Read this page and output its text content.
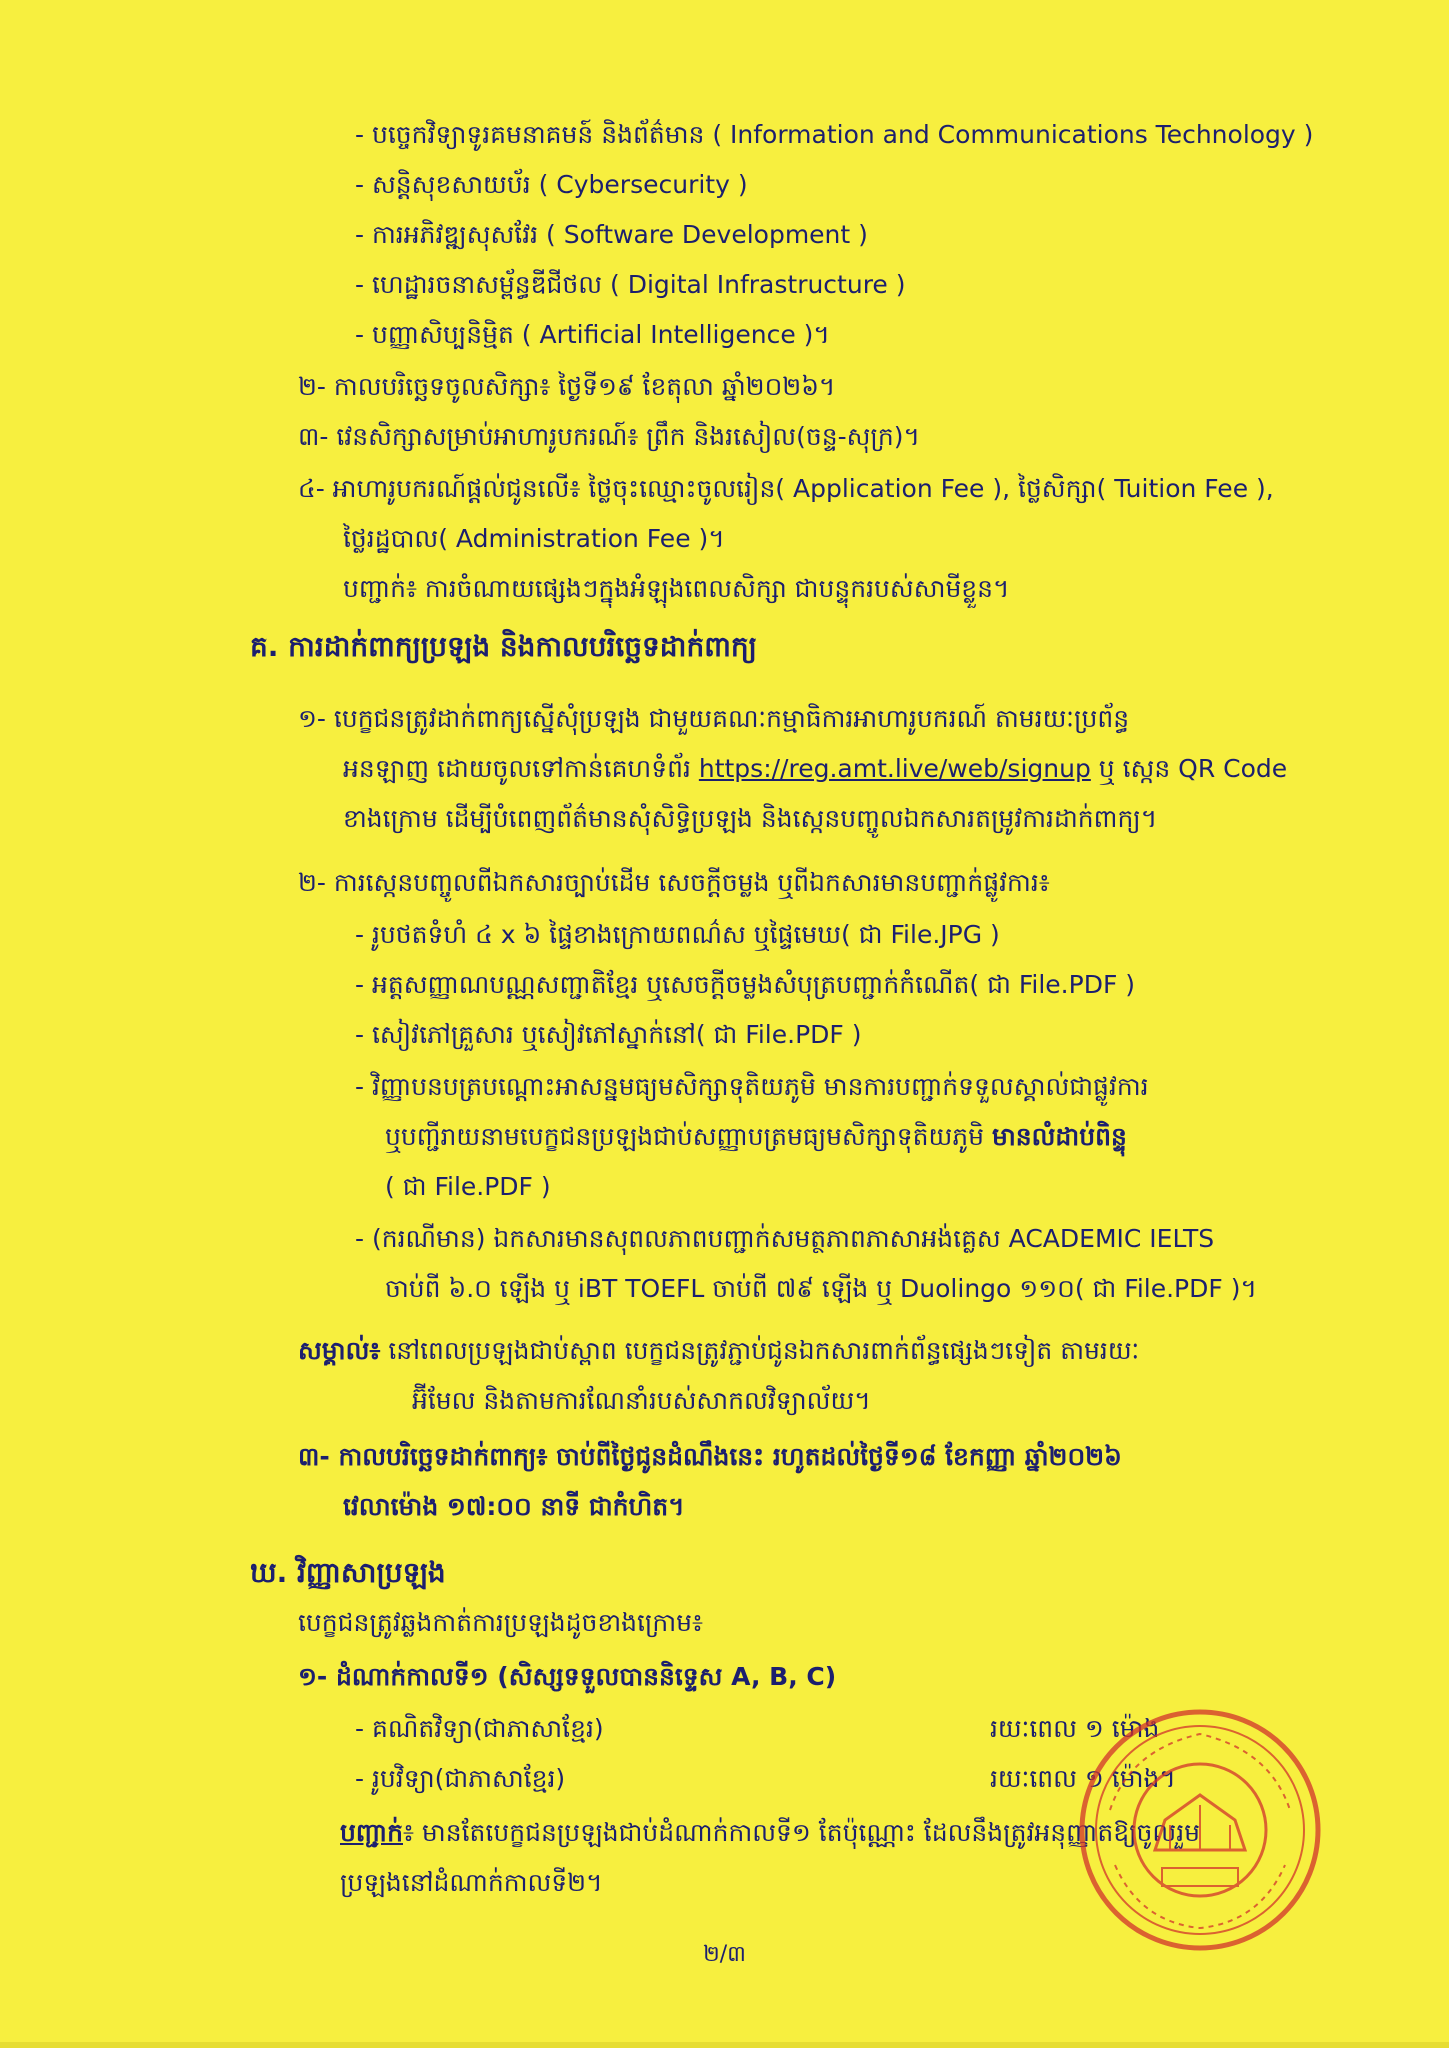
- បច្ចេកវិទ្យាទូរគមនាគមន៍ និងព័ត៌មាន ( Information and Communications Technology )
- សន្តិសុខសាយប័រ ( Cybersecurity )
- ការអភិវឌ្ឍសុសវែរ ( Software Development )
- ហេដ្ឋារចនាសម្ព័ន្ធឌីជីថល ( Digital Infrastructure )
- បញ្ញាសិប្បនិម្មិត ( Artificial Intelligence )។
២- កាលបរិច្ឆេទចូលសិក្សា៖ ថ្ងៃទី១៩ ខែតុលា ឆ្នាំ២០២៦។
៣- វេនសិក្សាសម្រាប់អាហារូបករណ៍៖ ព្រឹក និងរសៀល(ចន្ទ-សុក្រ)។
៤- អាហារូបករណ៍ផ្តល់ជូនលើ៖ ថ្លៃចុះឈ្មោះចូលរៀន( Application Fee ), ថ្លៃសិក្សា( Tuition Fee ),
ថ្លៃរដ្ឋបាល( Administration Fee )។
បញ្ជាក់៖ ការចំណាយផ្សេងៗក្នុងអំឡុងពេលសិក្សា ជាបន្ទុករបស់សាមីខ្លួន។
គ. ការដាក់ពាក្យប្រឡង និងកាលបរិច្ឆេទដាក់ពាក្យ
១- បេក្ខជនត្រូវដាក់ពាក្យស្នើសុំប្រឡង ជាមួយគណៈកម្មាធិការអាហារូបករណ៍ តាមរយៈប្រព័ន្ធ
អនឡាញ ដោយចូលទៅកាន់គេហទំព័រ https://reg.amt.live/web/signup ឬ ស្កេន QR Code
ខាងក្រោម ដើម្បីបំពេញព័ត៌មានសុំសិទ្ធិប្រឡង និងស្កេនបញ្ចូលឯកសារតម្រូវការដាក់ពាក្យ។
២- ការស្កេនបញ្ចូលពីឯកសារច្បាប់ដើម សេចក្តីចម្លង ឬពីឯកសារមានបញ្ជាក់ផ្លូវការ៖
- រូបថតទំហំ ៤ x ៦ ផ្ទៃខាងក្រោយពណ៌ស ឬផ្ទៃមេឃ( ជា File.JPG )
- អត្តសញ្ញាណបណ្ណសញ្ជាតិខ្មែរ ឬសេចក្តីចម្លងសំបុត្របញ្ជាក់កំណើត( ជា File.PDF )
- សៀវភៅគ្រួសារ ឬសៀវភៅស្នាក់នៅ( ជា File.PDF )
- វិញ្ញាបនបត្របណ្ដោះអាសន្នមធ្យមសិក្សាទុតិយភូមិ មានការបញ្ជាក់ទទួលស្គាល់ជាផ្លូវការ
ឬបញ្ជីរាយនាមបេក្ខជនប្រឡងជាប់សញ្ញាបត្រមធ្យមសិក្សាទុតិយភូមិ មានលំដាប់ពិន្ទុ
( ជា File.PDF )
- (ករណីមាន) ឯកសារមានសុពលភាពបញ្ជាក់សមត្ថភាពភាសាអង់គ្លេស ACADEMIC IELTS
ចាប់ពី ៦.០ ឡើង ឬ iBT TOEFL ចាប់ពី ៧៩ ឡើង ឬ Duolingo ១១០( ជា File.PDF )។
សម្គាល់៖ នៅពេលប្រឡងជាប់ស្ពាព បេក្ខជនត្រូវភ្ជាប់ជូនឯកសារពាក់ព័ន្ធផ្សេងៗទៀត តាមរយៈ
អ៊ីមែល និងតាមការណែនាំរបស់សាកលវិទ្យាល័យ។
៣- កាលបរិច្ឆេទដាក់ពាក្យ៖ ចាប់ពីថ្ងៃជូនដំណឹងនេះ រហូតដល់ថ្ងៃទី១៨ ខែកញ្ញា ឆ្នាំ២០២៦
វេលាម៉ោង ១៧:០០ នាទី ជាកំហិត។
ឃ. វិញ្ញាសាប្រឡង
បេក្ខជនត្រូវឆ្លងកាត់ការប្រឡងដូចខាងក្រោម៖
១- ដំណាក់កាលទី១ (សិស្សទទួលបាននិទ្ទេស A, B, C)
- គណិតវិទ្យា(ជាភាសាខ្មែរ)	រយៈពេល ១ ម៉ោង
- រូបវិទ្យា(ជាភាសាខ្មែរ)	រយៈពេល ១ ម៉ោង។
បញ្ជាក់៖ មានតែបេក្ខជនប្រឡងជាប់ដំណាក់កាលទី១ តែប៉ុណ្ណោះ ដែលនឹងត្រូវអនុញ្ញាតឱ្យចូលរួម
ប្រឡងនៅដំណាក់កាលទី២។
២/៣
